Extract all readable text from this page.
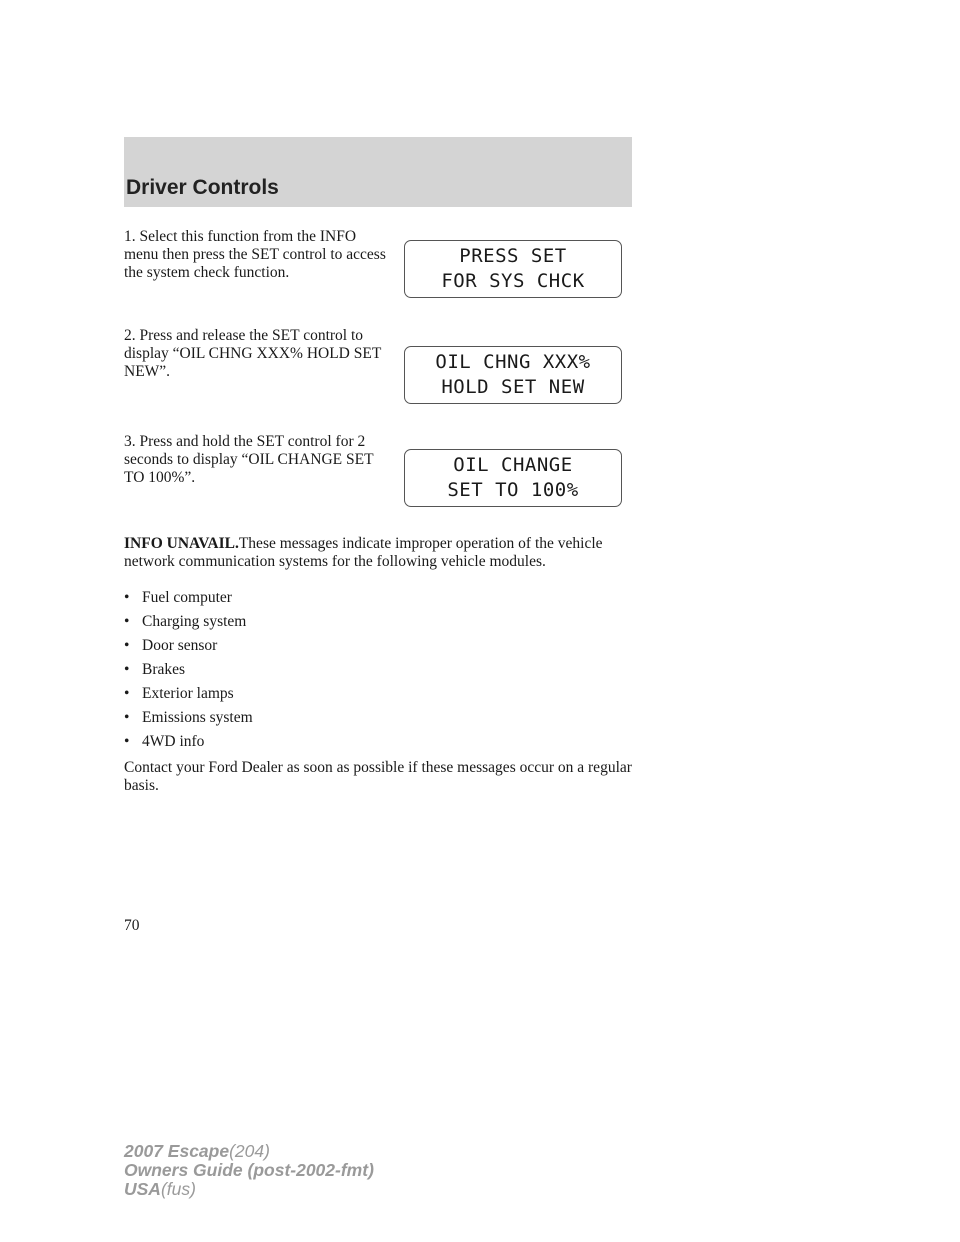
Driver Controls
1. Select this function from the INFO menu then press the SET control to access the system check function.
PRESS SET
FOR SYS CHCK
2. Press and release the SET control to display “OIL CHNG XXX% HOLD SET NEW”.	OIL CHNG XXX%
HOLD SET NEW
3. Press and hold the SET control for 2 seconds to display “OIL CHANGE SET TO 100%”.
OIL CHANGE
SET TO 100%
INFO UNAVAIL.These messages indicate improper operation of the vehicle network communication systems for the following vehicle modules.
• Fuel computer
• Charging system
• Door sensor
• Brakes
• Exterior lamps
• Emissions system
• 4WD info
Contact your Ford Dealer as soon as possible if these messages occur on a regular basis.
70
2007 Escape(204)
Owners Guide (post-2002-fmt)
USA(fus)
